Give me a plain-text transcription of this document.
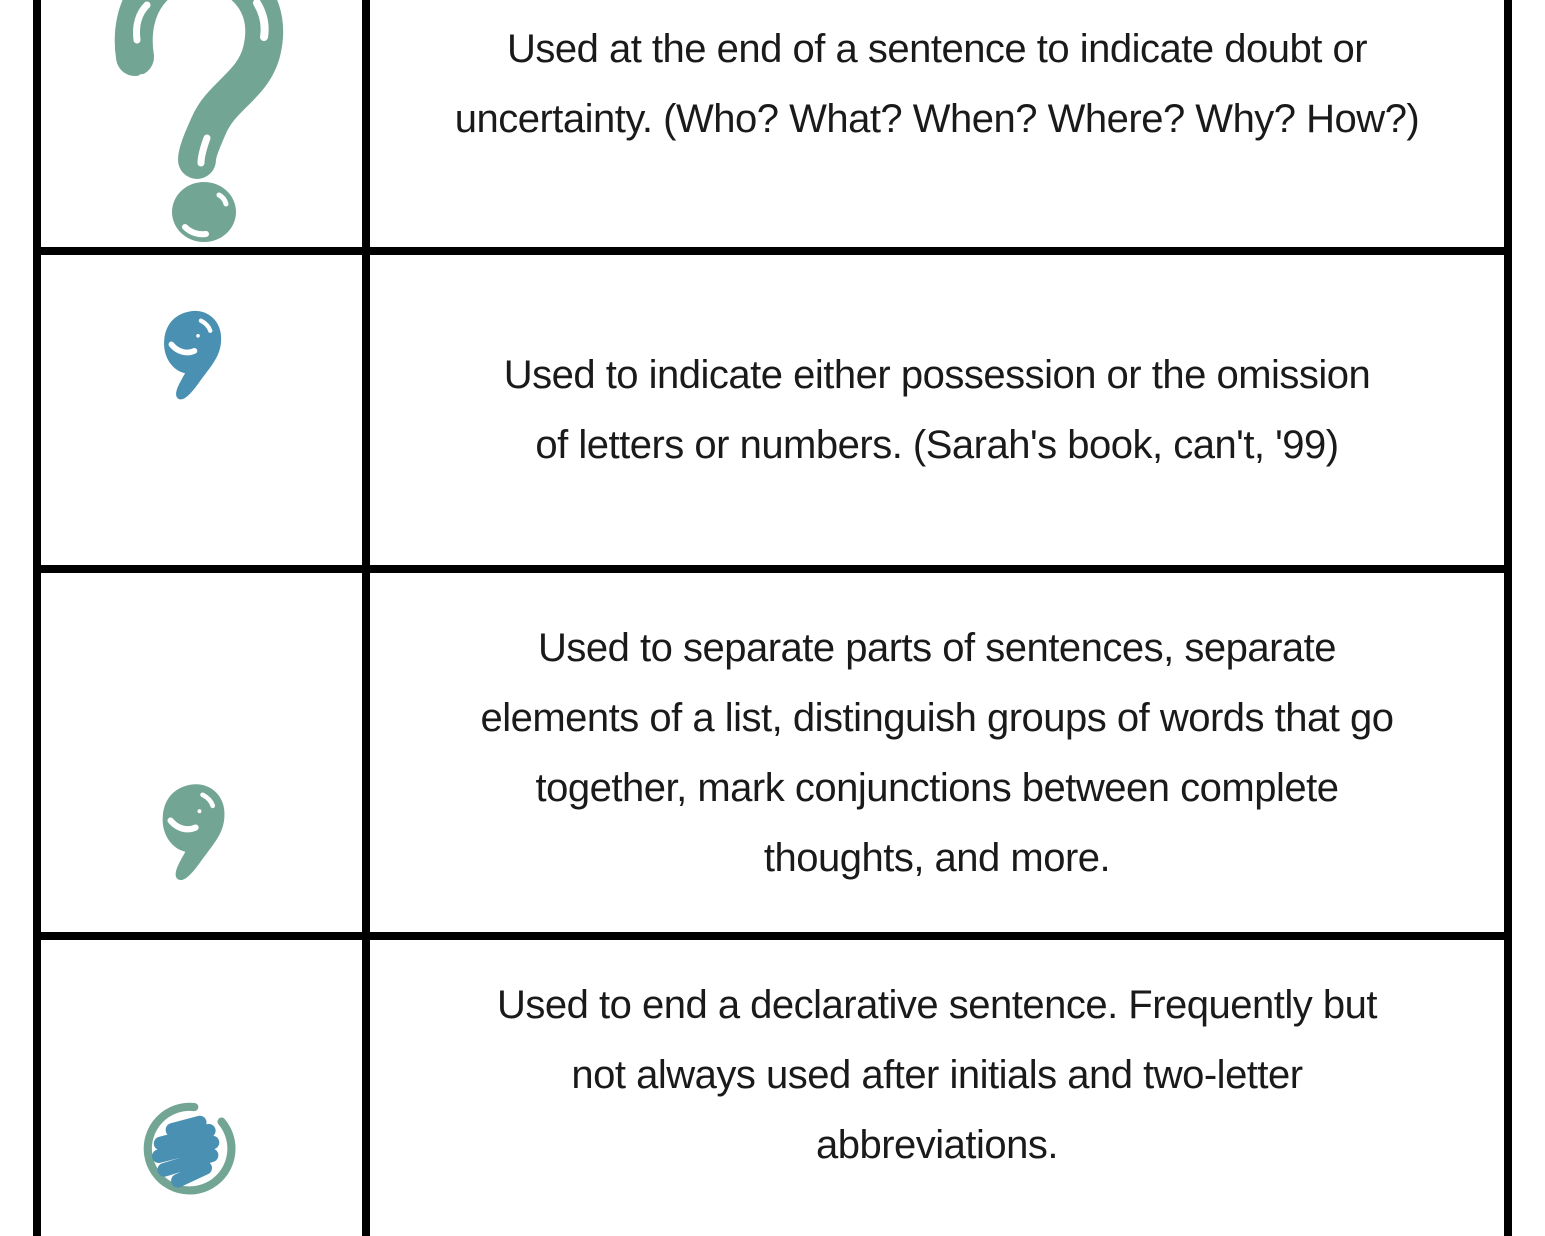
Used at the end of a sentence to indicate doubt or
uncertainty. (Who? What? When? Where? Why? How?)
Used to indicate either possession or the omission
of letters or numbers. (Sarah's book, can't, '99)
Used to separate parts of sentences, separate
elements of a list, distinguish groups of words that go
together, mark conjunctions between complete
thoughts, and more.
Used to end a declarative sentence. Frequently but
not always used after initials and two-letter
abbreviations.
